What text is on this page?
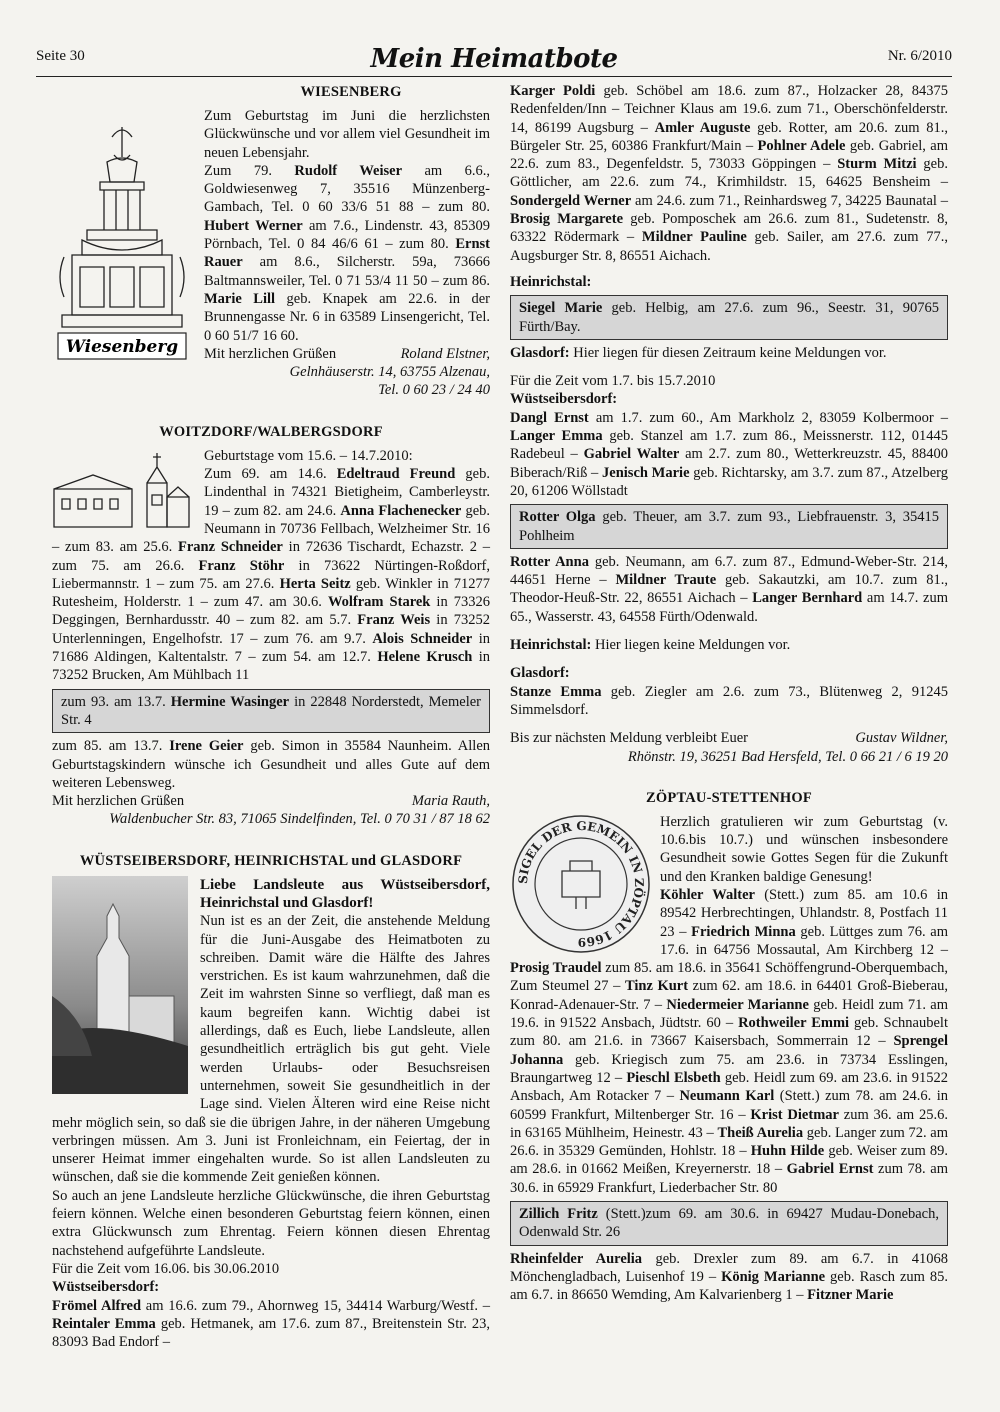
Seite 30	Mein Heimatbote	Nr. 6/2010
WIESENBERG
Wiesenberg

Zum Geburtstag im Juni die herzlichsten Glückwünsche und vor allem viel Gesundheit im neuen Lebensjahr.

Zum 79. Rudolf Weiser am 6.6., Goldwiesenweg 7, 35516 Münzenberg-Gambach, Tel. 0 60 33/6 51 88 – zum 80. Hubert Werner am 7.6., Lindenstr. 43, 85309 Pörnbach, Tel. 0 84 46/6 61 – zum 80. Ernst Rauer am 8.6., Silcherstr. 59a, 73666 Baltmannsweiler, Tel. 0 71 53/4 11 50 – zum 86. Marie Lill geb. Knapek am 22.6. in der Brunnengasse Nr. 6 in 63589 Linsengericht, Tel. 0 60 51/7 16 60.

Mit herzlichen Grüßen	Roland Elstner,

Gelnhäuserstr. 14, 63755 Alzenau,

Tel. 0 60 23 / 24 40

WOITZDORF/WALBERGSDORF

Geburtstage vom 15.6. – 14.7.2010:

Zum 69. am 14.6. Edeltraud Freund geb. Lindenthal in 74321 Bietigheim, Camberleystr. 19 – zum 82. am 24.6. Anna Flachenecker geb. Neumann in 70736 Fellbach, Welzheimer Str. 16 – zum 83. am 25.6. Franz Schneider in 72636 Tischardt, Echazstr. 2 – zum 75. am 26.6. Franz Stöhr in 73622 Nürtingen-Roßdorf, Liebermannstr. 1 – zum 75. am 27.6. Herta Seitz geb. Winkler in 71277 Rutesheim, Holderstr. 1 – zum 47. am 30.6. Wolfram Starek in 73326 Deggingen, Bernhardusstr. 40 – zum 82. am 5.7. Franz Weis in 73252 Unterlenningen, Engelhofstr. 17 – zum 76. am 9.7. Alois Schneider in 71686 Aldingen, Kaltentalstr. 7 – zum 54. am 12.7. Helene Krusch in 73252 Brucken, Am Mühlbach 11

zum 93. am 13.7. Hermine Wasinger in 22848 Norderstedt, Memeler Str. 4

zum 85. am 13.7. Irene Geier geb. Simon in 35584 Naunheim. Allen Geburtstagskindern wünsche ich Gesundheit und alles Gute auf dem weiteren Lebensweg.

Mit herzlichen Grüßen	Maria Rauth,

Waldenbucher Str. 83, 71065 Sindelfinden, Tel. 0 70 31 / 87 18 62

WÜSTSEIBERSDORF, HEINRICHSTAL und GLASDORF

Liebe Landsleute aus Wüstseibersdorf, Heinrichstal und Glasdorf!

Nun ist es an der Zeit, die anstehende Meldung für die Juni-Ausgabe des Heimatboten zu schreiben. Damit wäre die Hälfte des Jahres verstrichen. Es ist kaum wahrzunehmen, daß die Zeit im wahrsten Sinne so verfliegt, daß man es kaum begreifen kann. Wichtig dabei ist allerdings, daß es Euch, liebe Landsleute, allen gesundheitlich erträglich bis gut geht. Viele werden Urlaubs- oder Besuchsreisen unternehmen, soweit Sie gesundheitlich in der Lage sind. Vielen Älteren wird eine Reise nicht mehr möglich sein, so daß sie die übrigen Jahre, in der näheren Umgebung verbringen müssen. Am 3. Juni ist Fronleichnam, ein Feiertag, der in unserer Heimat immer eingehalten wurde. So ist allen Landsleuten zu wünschen, daß sie die kommende Zeit genießen können.

So auch an jene Landsleute herzliche Glückwünsche, die ihren Geburtstag feiern können. Welche einen besonderen Geburtstag feiern können, einen extra Glückwunsch zum Ehrentag. Feiern können diesen Ehrentag nachstehend aufgeführte Landsleute.

Für die Zeit vom 16.06. bis 30.06.2010

Wüstseibersdorf:

Frömel Alfred am 16.6. zum 79., Ahornweg 15, 34414 Warburg/Westf. – Reintaler Emma geb. Hetmanek, am 17.6. zum 87., Breitenstein Str. 23, 83093 Bad Endorf –

Karger Poldi geb. Schöbel am 18.6. zum 87., Holzacker 28, 84375 Redenfelden/Inn – Teichner Klaus am 19.6. zum 71., Oberschönfelderstr. 14, 86199 Augsburg – Amler Auguste geb. Rotter, am 20.6. zum 81., Bürgeler Str. 25, 60386 Frankfurt/Main – Pohlner Adele geb. Gabriel, am 22.6. zum 83., Degenfeldstr. 5, 73033 Göppingen – Sturm Mitzi geb. Göttlicher, am 22.6. zum 74., Krimhildstr. 15, 64625 Bensheim – Sondergeld Werner am 24.6. zum 71., Reinhardsweg 7, 34225 Baunatal – Brosig Margarete geb. Pomposchek am 26.6. zum 81., Sudetenstr. 8, 63322 Rödermark – Mildner Pauline geb. Sailer, am 27.6. zum 77., Augsburger Str. 8, 86551 Aichach.

Heinrichstal:

Siegel Marie geb. Helbig, am 27.6. zum 96., Seestr. 31, 90765 Fürth/Bay.

Glasdorf: Hier liegen für diesen Zeitraum keine Meldungen vor.

Für die Zeit vom 1.7. bis 15.7.2010

Wüstseibersdorf:

Dangl Ernst am 1.7. zum 60., Am Markholz 2, 83059 Kolbermoor – Langer Emma geb. Stanzel am 1.7. zum 86., Meissnerstr. 112, 01445 Radebeul – Gabriel Walter am 2.7. zum 80., Wetterkreuzstr. 45, 88400 Biberach/Riß – Jenisch Marie geb. Richtarsky, am 3.7. zum 87., Atzelberg 20, 61206 Wöllstadt

Rotter Olga geb. Theuer, am 3.7. zum 93., Liebfrauenstr. 3, 35415 Pohlheim

Rotter Anna geb. Neumann, am 6.7. zum 87., Edmund-Weber-Str. 214, 44651 Herne – Mildner Traute geb. Sakautzki, am 10.7. zum 81., Theodor-Heuß-Str. 22, 86551 Aichach – Langer Bernhard am 14.7. zum 65., Wasserstr. 43, 64558 Fürth/Odenwald.

Heinrichstal: Hier liegen keine Meldungen vor.

Glasdorf:

Stanze Emma geb. Ziegler am 2.6. zum 73., Blütenweg 2, 91245 Simmelsdorf.

Bis zur nächsten Meldung verbleibt Euer	Gustav Wildner,

Rhönstr. 19, 36251 Bad Hersfeld, Tel. 0 66 21 / 6 19 20

ZÖPTAU-STETTENHOF
SIGEL DER GEMEIN IN ZÖPTAU 1669

Herzlich gratulieren wir zum Geburtstag (v. 10.6.bis 10.7.) und wünschen insbesondere Gesundheit sowie Gottes Segen für die Zukunft und den Kranken baldige Genesung!

Köhler Walter (Stett.) zum 85. am 10.6 in 89542 Herbrechtingen, Uhlandstr. 8, Postfach 11 23 – Friedrich Minna geb. Lüttges zum 76. am 17.6. in 64756 Mossautal, Am Kirchberg 12 – Prosig Traudel zum 85. am 18.6. in 35641 Schöffengrund-Oberquembach, Zum Steumel 27 – Tinz Kurt zum 62. am 18.6. in 64401 Groß-Bieberau, Konrad-Adenauer-Str. 7 – Niedermeier Marianne geb. Heidl zum 71. am 19.6. in 91522 Ansbach, Jüdtstr. 60 – Rothweiler Emmi geb. Schnaubelt zum 80. am 21.6. in 73667 Kaisersbach, Sommerrain 12 – Sprengel Johanna geb. Kriegisch zum 75. am 23.6. in 73734 Esslingen, Braungartweg 12 – Pieschl Elsbeth geb. Heidl zum 69. am 23.6. in 91522 Ansbach, Am Rotacker 7 – Neumann Karl (Stett.) zum 78. am 24.6. in 60599 Frankfurt, Miltenberger Str. 16 – Krist Dietmar zum 36. am 25.6. in 63165 Mühlheim, Heinestr. 43 – Theiß Aurelia geb. Langer zum 72. am 26.6. in 35329 Gemünden, Hohlstr. 18 – Huhn Hilde geb. Weiser zum 89. am 28.6. in 01662 Meißen, Kreyernerstr. 18 – Gabriel Ernst zum 78. am 30.6. in 65929 Frankfurt, Liederbacher Str. 80

Zillich Fritz (Stett.)zum 69. am 30.6. in 69427 Mudau-Donebach, Odenwald Str. 26

Rheinfelder Aurelia geb. Drexler zum 89. am 6.7. in 41068 Mönchengladbach, Luisenhof 19 – König Marianne geb. Rasch zum 85. am 6.7. in 86650 Wemding, Am Kalvarienberg 1 – Fitzner Marie
